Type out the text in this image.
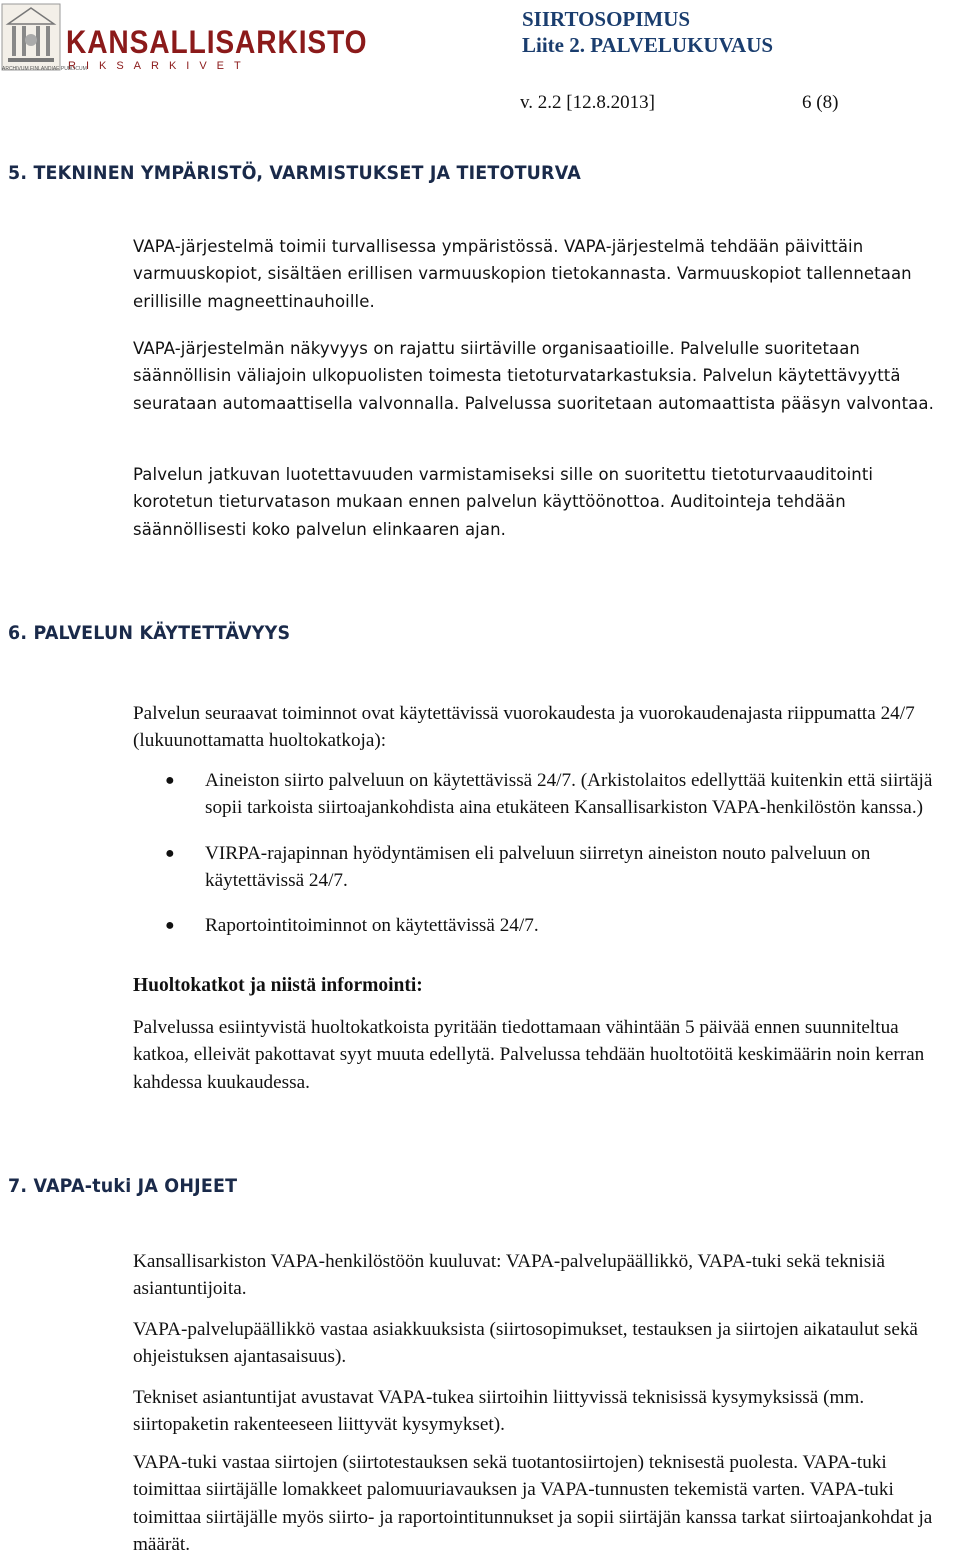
KANSALLISARKISTO
RIKSARKIVET
ARCHIVUM FINLANDIAE PUBLICUM
SIIRTOSOPIMUS
Liite 2. PALVELUKUVAUS
v. 2.2 [12.8.2013]	6 (8)
5. TEKNINEN YMPÄRISTÖ, VARMISTUKSET JA TIETOTURVA

VAPA-järjestelmä toimii turvallisessa ympäristössä. VAPA-järjestelmä tehdään päivittäin varmuuskopiot, sisältäen erillisen varmuuskopion tietokannasta. Varmuuskopiot tallennetaan erillisille magneettinauhoille.

VAPA-järjestelmän näkyvyys on rajattu siirtäville organisaatioille. Palvelulle suoritetaan säännöllisin väliajoin ulkopuolisten toimesta tietoturvatarkastuksia. Palvelun käytettävyyttä seurataan automaattisella valvonnalla. Palvelussa suoritetaan automaattista pääsyn valvontaa.

Palvelun jatkuvan luotettavuuden varmistamiseksi sille on suoritettu tietoturvaauditointi korotetun tieturvatason mukaan ennen palvelun käyttöönottoa. Auditointeja tehdään säännöllisesti koko palvelun elinkaaren ajan.

6. PALVELUN KÄYTETTÄVYYS

Palvelun seuraavat toiminnot ovat käytettävissä vuorokaudesta ja vuorokaudenajasta riippumatta 24/7 (lukuunottamatta huoltokatkoja):

● Aineiston siirto palveluun on käytettävissä 24/7. (Arkistolaitos edellyttää kuitenkin että siirtäjä sopii tarkoista siirtoajankohdista aina etukäteen Kansallisarkiston VAPA-henkilöstön kanssa.)
● VIRPA-rajapinnan hyödyntämisen eli palveluun siirretyn aineiston nouto palveluun on käytettävissä 24/7.
● Raportointitoiminnot on käytettävissä 24/7.

Huoltokatkot ja niistä informointi:

Palvelussa esiintyvistä huoltokatkoista pyritään tiedottamaan vähintään 5 päivää ennen suunniteltua katkoa, elleivät pakottavat syyt muuta edellytä. Palvelussa tehdään huoltotöitä keskimäärin noin kerran kahdessa kuukaudessa.

7. VAPA-tuki JA OHJEET

Kansallisarkiston VAPA-henkilöstöön kuuluvat: VAPA-palvelupäällikkö, VAPA-tuki sekä teknisiä asiantuntijoita.

VAPA-palvelupäällikkö vastaa asiakkuuksista (siirtosopimukset, testauksen ja siirtojen aikataulut sekä ohjeistuksen ajantasaisuus).

Tekniset asiantuntijat avustavat VAPA-tukea siirtoihin liittyvissä teknisissä kysymyksissä (mm. siirtopaketin rakenteeseen liittyvät kysymykset).

VAPA-tuki vastaa siirtojen (siirtotestauksen sekä tuotantosiirtojen) teknisestä puolesta. VAPA-tuki toimittaa siirtäjälle lomakkeet palomuuriavauksen ja VAPA-tunnusten tekemistä varten. VAPA-tuki toimittaa siirtäjälle myös siirto- ja raportointitunnukset ja sopii siirtäjän kanssa tarkat siirtoajankohdat ja määrät.
